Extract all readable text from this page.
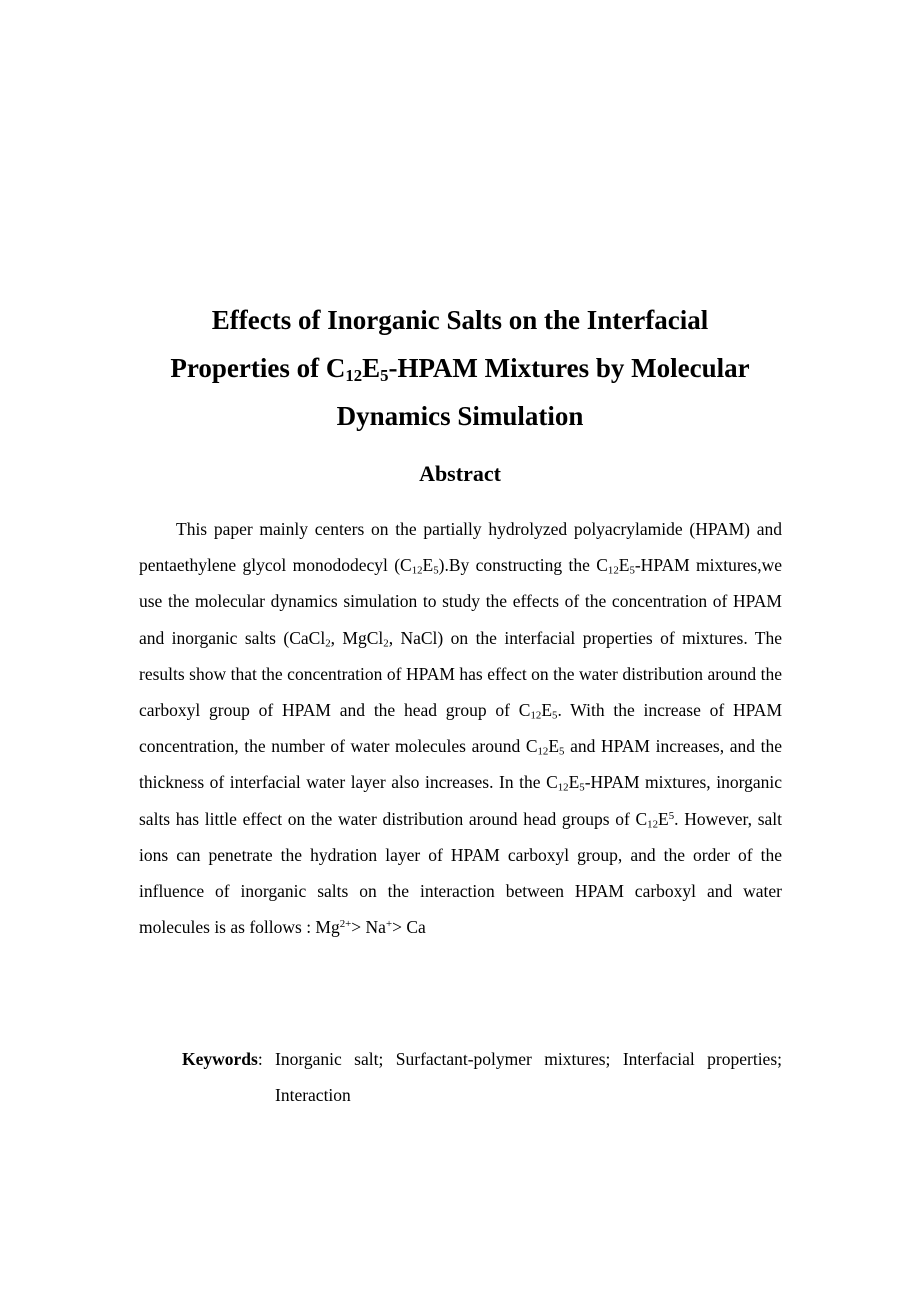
Effects of Inorganic Salts on the Interfacial
Properties of $C_{12}E_5$-HPAM Mixtures by Molecular
Dynamics Simulation
Abstract

This paper mainly centers on the partially hydrolyzed polyacrylamide (HPAM) and pentaethylene glycol monododecyl $(C_{12}E_5).By$ constructing the $C_{12}E_5$-HPAM mixtures,we use the molecular dynamics simulation to study the effects of the concentration of HPAM and inorganic salts (CaCl$_2$, MgCl$_2$, NaCl) on the interfacial properties of mixtures. The results show that the concentration of HPAM has effect on the water distribution around the carboxyl group of HPAM and the head group of $C_{12}E_5$. With the increase of HPAM concentration, the number of water molecules around $C_{12}E_5$ and HPAM increases, and the thickness of interfacial water layer also increases. In the $C_{12}E_5$-HPAM mixtures, inorganic salts has little effect on the water distribution around head groups of $C_{12}E^5$. However, salt ions can penetrate the hydration layer of HPAM carboxyl group, and the order of the influence of inorganic salts on the interaction between HPAM carboxyl and water molecules is as follows : $Mg^{2+}> Na^+> Ca$

Keywords: Inorganic salt; Surfactant-polymer mixtures; Interfacial properties; Interaction
